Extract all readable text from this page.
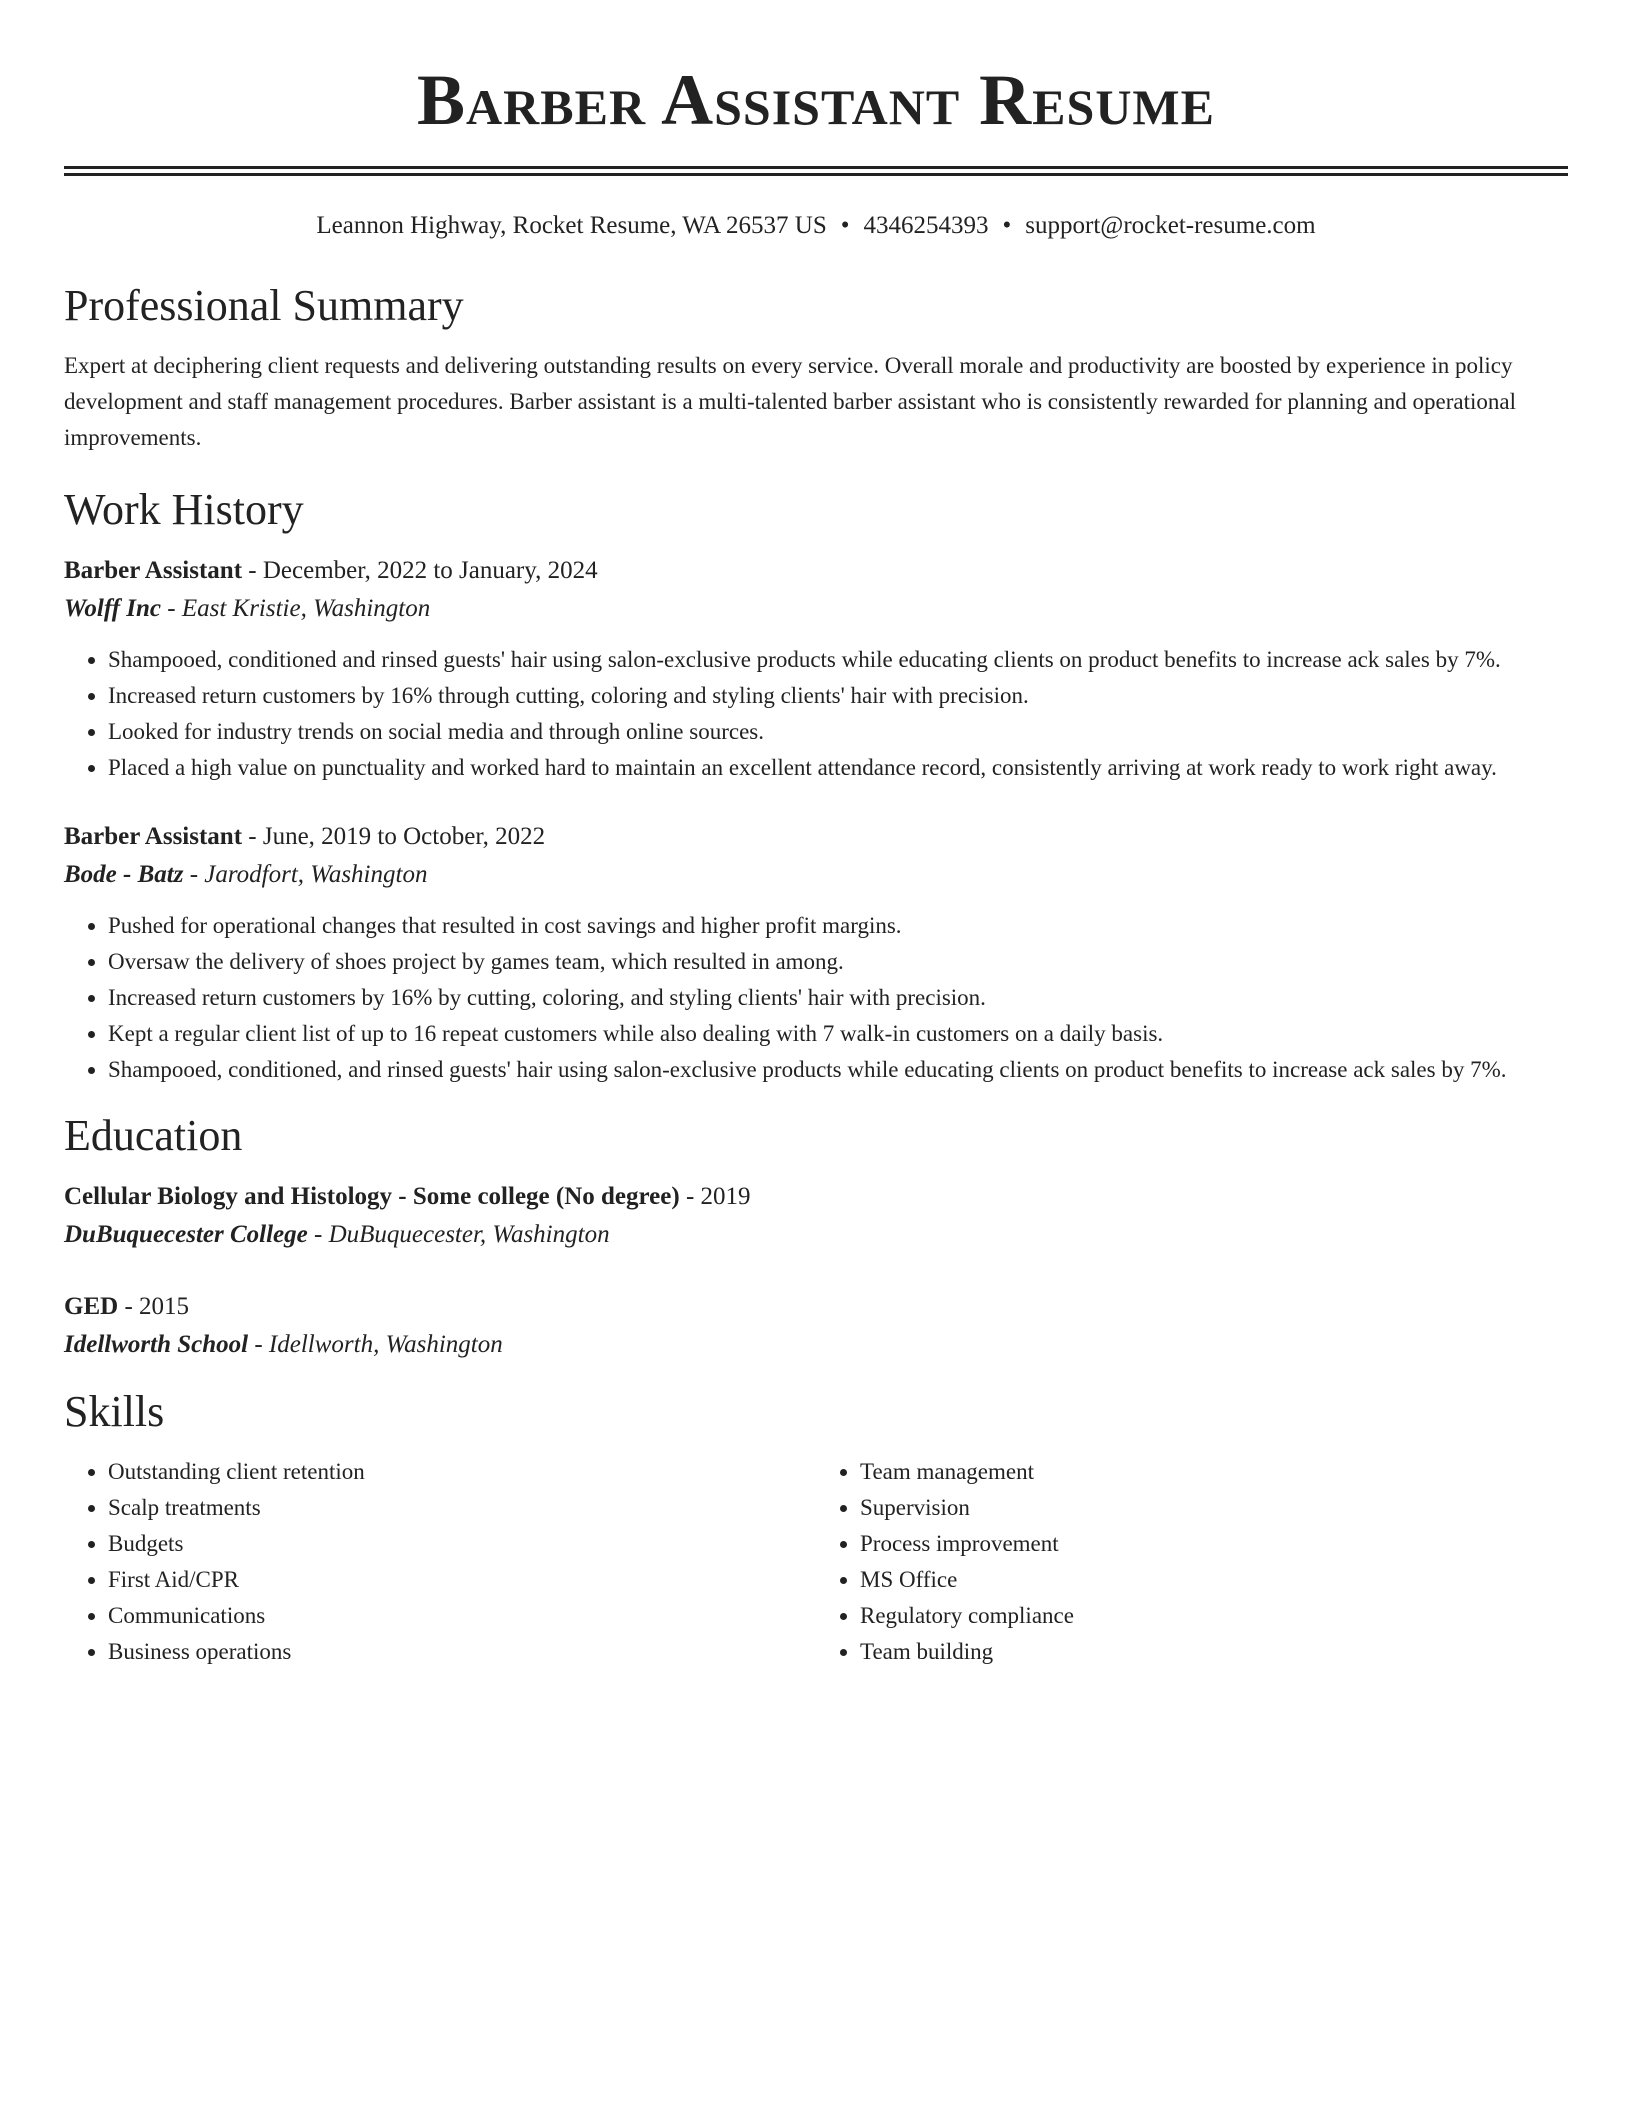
Barber Assistant Resume
Leannon Highway, Rocket Resume, WA 26537 US • 4346254393 • support@rocket-resume.com
Professional Summary

Expert at deciphering client requests and delivering outstanding results on every service. Overall morale and productivity are boosted by experience in policy development and staff management procedures. Barber assistant is a multi-talented barber assistant who is consistently rewarded for planning and operational improvements.

Work History
Barber Assistant - December, 2022 to January, 2024
Wolff Inc - East Kristie, Washington
• Shampooed, conditioned and rinsed guests' hair using salon-exclusive products while educating clients on product benefits to increase ack sales by 7%.
• Increased return customers by 16% through cutting, coloring and styling clients' hair with precision.
• Looked for industry trends on social media and through online sources.
• Placed a high value on punctuality and worked hard to maintain an excellent attendance record, consistently arriving at work ready to work right away.
Barber Assistant - June, 2019 to October, 2022
Bode - Batz - Jarodfort, Washington
• Pushed for operational changes that resulted in cost savings and higher profit margins.
• Oversaw the delivery of shoes project by games team, which resulted in among.
• Increased return customers by 16% by cutting, coloring, and styling clients' hair with precision.
• Kept a regular client list of up to 16 repeat customers while also dealing with 7 walk-in customers on a daily basis.
• Shampooed, conditioned, and rinsed guests' hair using salon-exclusive products while educating clients on product benefits to increase ack sales by 7%.
Education
Cellular Biology and Histology - Some college (No degree) - 2019
DuBuquecester College - DuBuquecester, Washington
GED - 2015
Idellworth School - Idellworth, Washington
Skills
• Outstanding client retention
• Scalp treatments
• Budgets
• First Aid/CPR
• Communications
• Business operations
• Team management
• Supervision
• Process improvement
• MS Office
• Regulatory compliance
• Team building
